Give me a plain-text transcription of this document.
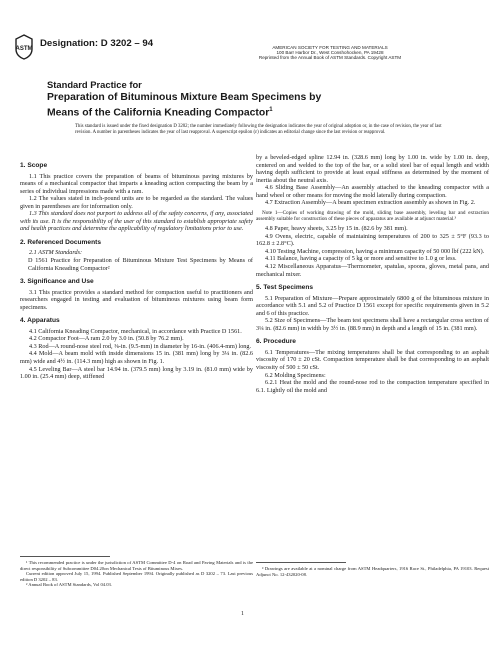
ASTM Designation: D 3202 – 94	AMERICAN SOCIETY FOR TESTING AND MATERIALS
100 Barr Harbor Dr., West Conshohocken, PA 19428
Reprinted from the Annual Book of ASTM Standards. Copyright ASTM
Standard Practice for
Preparation of Bituminous Mixture Beam Specimens by
Means of the California Kneading Compactor$^1$
This standard is issued under the fixed designation D 3202; the number immediately following the designation indicates the year of original adoption or, in the case of revision, the year of last revision. A number in parentheses indicates the year of last reapproval. A superscript epsilon (ε) indicates an editorial change since the last revision or reapproval.
1. Scope

1.1 This practice covers the preparation of beams of bituminous paving mixtures by means of a mechanical compactor that imparts a kneading action compacting the beam by a series of individual impressions made with a ram.

1.2 The values stated in inch-pound units are to be regarded as the standard. The values given in parentheses are for information only.

1.3 This standard does not purport to address all of the safety concerns, if any, associated with its use. It is the responsibility of the user of this standard to establish appropriate safety and health practices and determine the applicability of regulatory limitations prior to use.

2. Referenced Documents

2.1 ASTM Standards:

D 1561 Practice for Preparation of Bituminous Mixture Test Specimens by Means of California Kneading Compactor²

3. Significance and Use

3.1 This practice provides a standard method for compaction useful to practitioners and researchers engaged in testing and evaluation of bituminous mixtures using beam form specimens.

4. Apparatus

4.1 California Kneading Compactor, mechanical, in accordance with Practice D 1561.

4.2 Compactor Foot—A ram 2.0 by 3.0 in. (50.8 by 76.2 mm).

4.3 Rod—A round-nose steel rod, ⅜-in. (9.5-mm) in diameter by 16-in. (406.4-mm) long.

4.4 Mold—A beam mold with inside dimensions 15 in. (381 mm) long by 3¼ in. (82.6 mm) wide and 4½ in. (114.3 mm) high as shown in Fig. 1.

4.5 Leveling Bar—A steel bar 14.94 in. (379.5 mm) long by 3.19 in. (81.0 mm) wide by 1.00 in. (25.4 mm) deep, stiffened

¹ This recommended practice is under the jurisdiction of ASTM Committee D-4 on Road and Paving Materials and is the direct responsibility of Subcommittee D04.20on Mechanical Tests of Bituminous Mixes.

Current edition approved July 15, 1994. Published September 1994. Originally published as D 3202 – 73. Last previous edition D 3202 – 83.

² Annual Book of ASTM Standards, Vol 04.03.

by a beveled-edged spline 12.94 in. (328.6 mm) long by 1.00 in. wide by 1.00 in. deep, centered on and welded to the top of the bar, or a solid steel bar of equal length and width having depth sufficient to provide at least equal stiffness as determined by the moment of inertia about the neutral axis.

4.6 Sliding Base Assembly—An assembly attached to the kneading compactor with a hand wheel or other means for moving the mold laterally during compaction.

4.7 Extraction Assembly—A beam specimen extraction assembly as shown in Fig. 2.

Note 1—Copies of working drawing of the mold, sliding base assembly, leveling bar and extraction assembly suitable for construction of these pieces of apparatus are available at adjunct material.³

4.8 Paper, heavy sheets, 3.25 by 15 in. (82.6 by 381 mm).

4.9 Ovens, electric, capable of maintaining temperatures of 200 to 325 ± 5°F (93.3 to 162.8 ± 2.8°C).

4.10 Testing Machine, compression, having a minimum capacity of 50 000 lbf (222 kN).

4.11 Balance, having a capacity of 5 kg or more and sensitive to 1.0 g or less.

4.12 Miscellaneous Apparatus—Thermometer, spatulas, spoons, gloves, metal pans, and mechanical mixer.

5. Test Specimens

5.1 Preparation of Mixture—Prepare approximately 6800 g of the bituminous mixture in accordance with 5.1 and 5.2 of Practice D 1561 except for specific requirements given in 5.2 and 6 of this practice.

5.2 Size of Specimens—The beam test specimens shall have a rectangular cross section of 3¼ in. (82.6 mm) in width by 3½ in. (88.9 mm) in depth and a length of 15 in. (381 mm).

6. Procedure

6.1 Temperatures—The mixing temperatures shall be that corresponding to an asphalt viscosity of 170 ± 20 cSt. Compaction temperature shall be that corresponding to an asphalt viscosity of 500 ± 50 cSt.

6.2 Molding Specimens:

6.2.1 Heat the mold and the round-nose rod to the compaction temperature specified in 6.1. Lightly oil the mold and

³ Drawings are available at a nominal charge from ASTM Headquarters, 1916 Race St., Philadelphia, PA 19103. Request Adjunct No. 12-432020-08.

1
